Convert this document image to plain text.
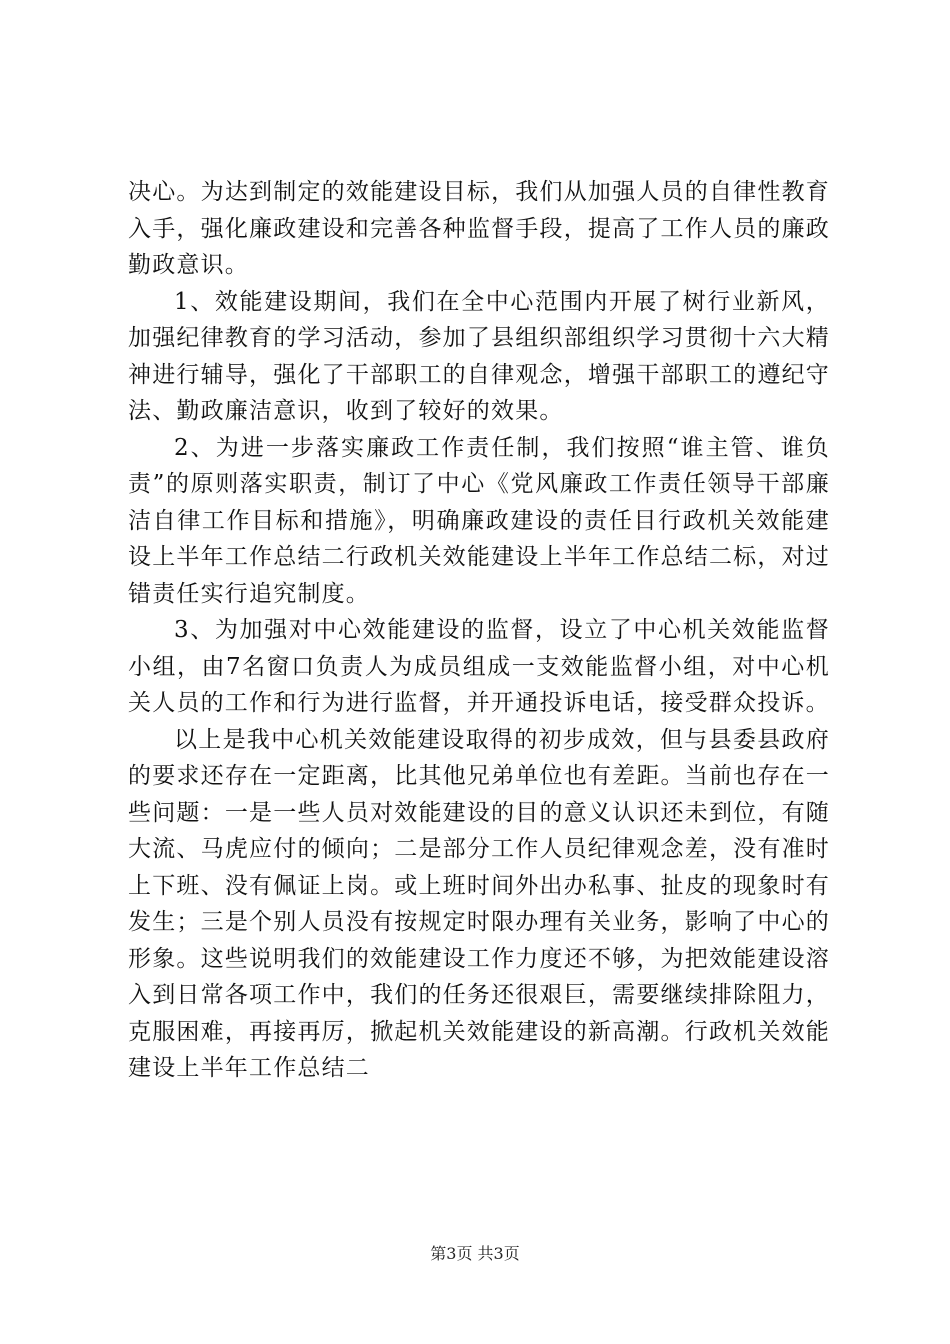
决心。为达到制定的效能建设目标，我们从加强人员的自律性教育入手，强化廉政建设和完善各种监督手段，提高了工作人员的廉政勤政意识。

1、效能建设期间，我们在全中心范围内开展了树行业新风，加强纪律教育的学习活动，参加了县组织部组织学习贯彻十六大精神进行辅导，强化了干部职工的自律观念，增强干部职工的遵纪守法、勤政廉洁意识，收到了较好的效果。

2、为进一步落实廉政工作责任制，我们按照“谁主管、谁负责”的原则落实职责，制订了中心《党风廉政工作责任领导干部廉洁自律工作目标和措施》，明确廉政建设的责任目行政机关效能建设上半年工作总结二行政机关效能建设上半年工作总结二标，对过错责任实行追究制度。

3、为加强对中心效能建设的监督，设立了中心机关效能监督小组，由7名窗口负责人为成员组成一支效能监督小组，对中心机关人员的工作和行为进行监督，并开通投诉电话，接受群众投诉。

以上是我中心机关效能建设取得的初步成效，但与县委县政府的要求还存在一定距离，比其他兄弟单位也有差距。当前也存在一些问题：一是一些人员对效能建设的目的意义认识还未到位，有随大流、马虎应付的倾向；二是部分工作人员纪律观念差，没有准时上下班、没有佩证上岗。或上班时间外出办私事、扯皮的现象时有发生；三是个别人员没有按规定时限办理有关业务，影响了中心的形象。这些说明我们的效能建设工作力度还不够，为把效能建设溶入到日常各项工作中，我们的任务还很艰巨，需要继续排除阻力，克服困难，再接再厉，掀起机关效能建设的新高潮。行政机关效能建设上半年工作总结二

第3页 共3页
